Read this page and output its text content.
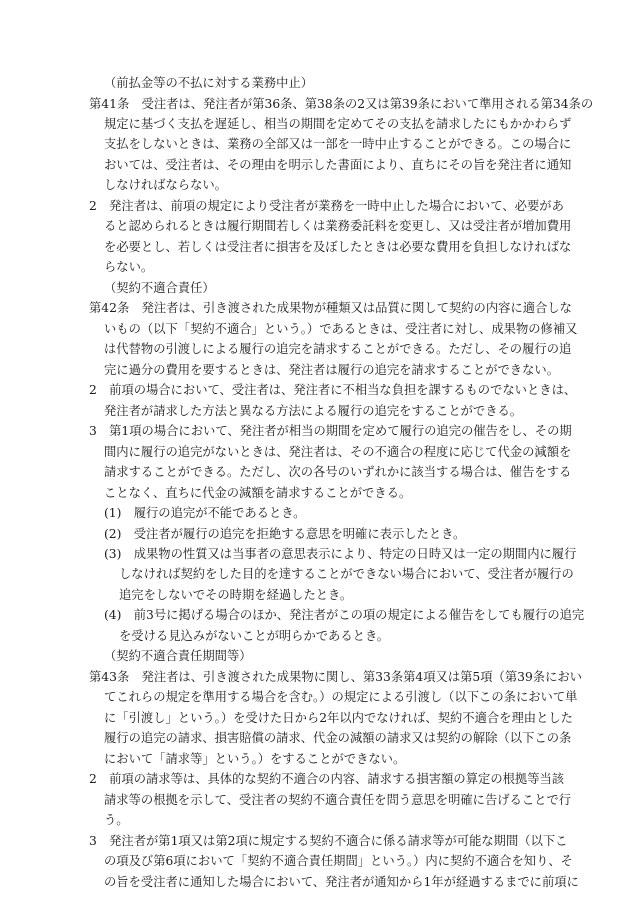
（前払金等の不払に対する業務中止）
第41条　受注者は、発注者が第36条、第38条の2又は第39条において準用される第34条の
規定に基づく支払を遅延し、相当の期間を定めてその支払を請求したにもかかわらず
支払をしないときは、業務の全部又は一部を一時中止することができる。この場合に
おいては、受注者は、その理由を明示した書面により、直ちにその旨を発注者に通知
しなければならない。
2　発注者は、前項の規定により受注者が業務を一時中止した場合において、必要があ
ると認められるときは履行期間若しくは業務委託料を変更し、又は受注者が増加費用
を必要とし、若しくは受注者に損害を及ぼしたときは必要な費用を負担しなければな
らない。
（契約不適合責任）
第42条　発注者は、引き渡された成果物が種類又は品質に関して契約の内容に適合しな
いもの（以下「契約不適合」という。）であるときは、受注者に対し、成果物の修補又
は代替物の引渡しによる履行の追完を請求することができる。ただし、その履行の追
完に過分の費用を要するときは、発注者は履行の追完を請求することができない。
2　前項の場合において、受注者は、発注者に不相当な負担を課するものでないときは、
発注者が請求した方法と異なる方法による履行の追完をすることができる。
3　第1項の場合において、発注者が相当の期間を定めて履行の追完の催告をし、その期
間内に履行の追完がないときは、発注者は、その不適合の程度に応じて代金の減額を
請求することができる。ただし、次の各号のいずれかに該当する場合は、催告をする
ことなく、直ちに代金の減額を請求することができる。
(1)　履行の追完が不能であるとき。
(2)　受注者が履行の追完を拒絶する意思を明確に表示したとき。
(3)　成果物の性質又は当事者の意思表示により、特定の日時又は一定の期間内に履行
しなければ契約をした目的を達することができない場合において、受注者が履行の
追完をしないでその時期を経過したとき。
(4)　前3号に掲げる場合のほか、発注者がこの項の規定による催告をしても履行の追完
を受ける見込みがないことが明らかであるとき。
（契約不適合責任期間等）
第43条　発注者は、引き渡された成果物に関し、第33条第4項又は第5項（第39条におい
てこれらの規定を準用する場合を含む。）の規定による引渡し（以下この条において単
に「引渡し」という。）を受けた日から2年以内でなければ、契約不適合を理由とした
履行の追完の請求、損害賠償の請求、代金の減額の請求又は契約の解除（以下この条
において「請求等」という。）をすることができない。
2　前項の請求等は、具体的な契約不適合の内容、請求する損害額の算定の根拠等当該
請求等の根拠を示して、受注者の契約不適合責任を問う意思を明確に告げることで行
う。
3　発注者が第1項又は第2項に規定する契約不適合に係る請求等が可能な期間（以下こ
の項及び第6項において「契約不適合責任期間」という。）内に契約不適合を知り、そ
の旨を受注者に通知した場合において、発注者が通知から1年が経過するまでに前項に
